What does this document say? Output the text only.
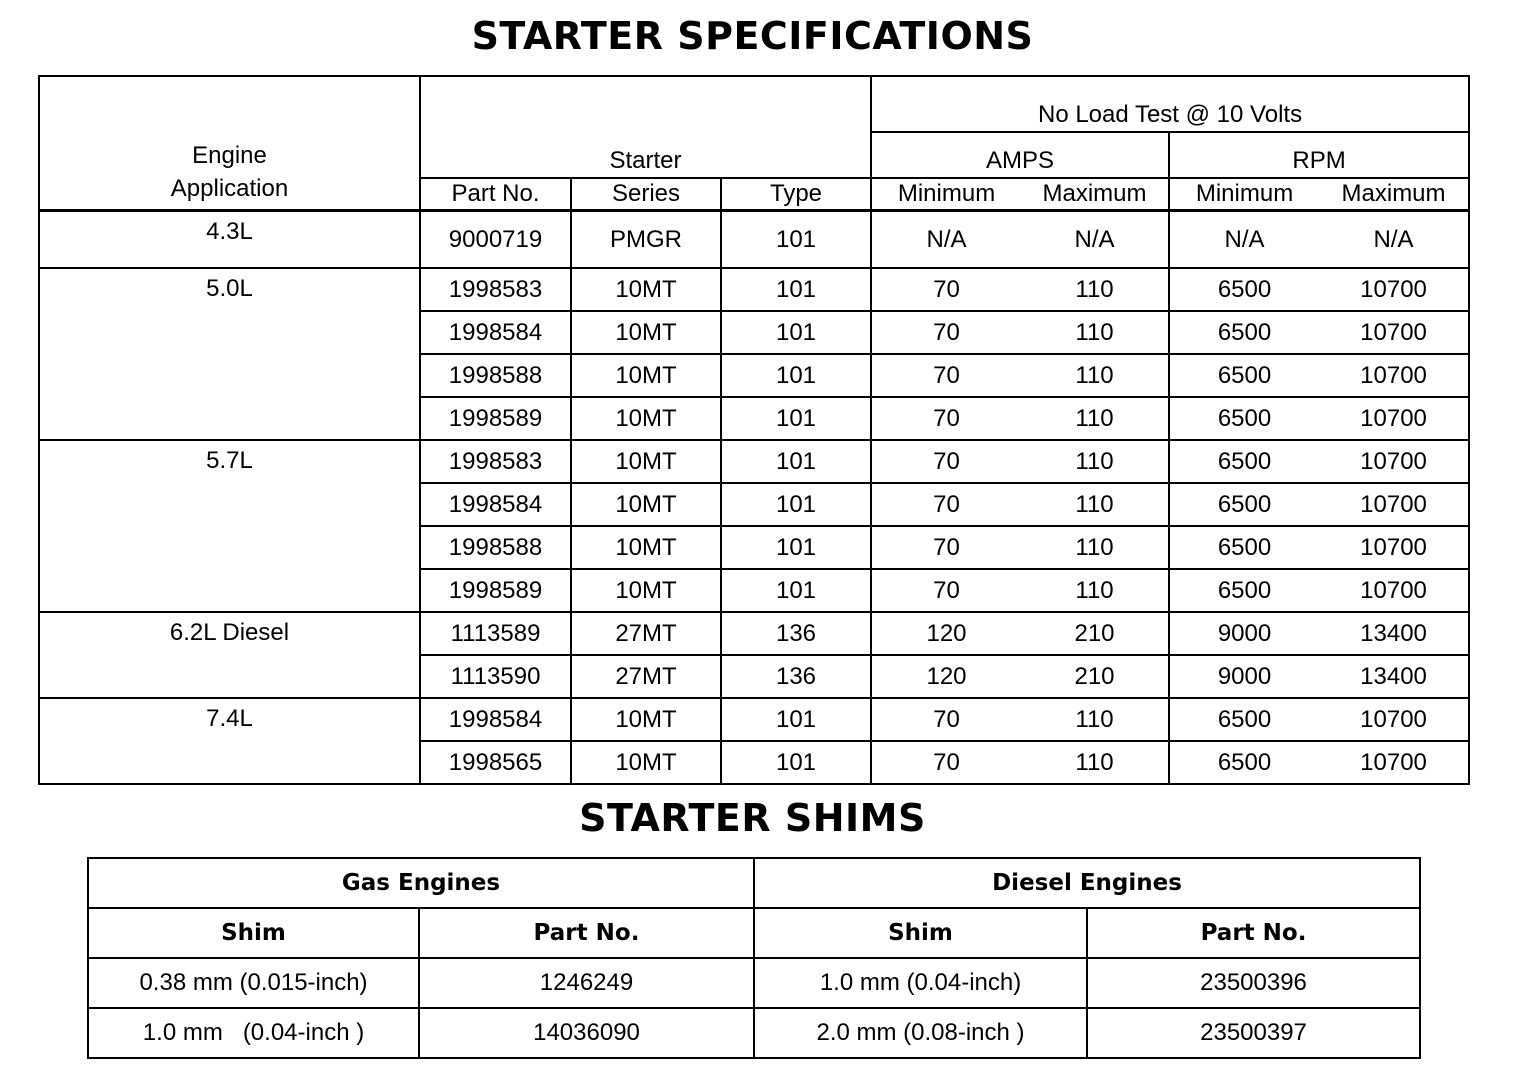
STARTER SPECIFICATIONS
Engine
Application	Starter			No Load Test @ 10 Volts			
				AMPS		RPM	
	Part No.	Series	Type	Minimum	Maximum	Minimum	Maximum
4.3L	9000719	PMGR	101	N/A	N/A	N/A	N/A
5.0L	1998583	10MT	101	70	110	6500	10700
	1998584	10MT	101	70	110	6500	10700
	1998588	10MT	101	70	110	6500	10700
	1998589	10MT	101	70	110	6500	10700
5.7L	1998583	10MT	101	70	110	6500	10700
	1998584	10MT	101	70	110	6500	10700
	1998588	10MT	101	70	110	6500	10700
	1998589	10MT	101	70	110	6500	10700
6.2L Diesel	1113589	27MT	136	120	210	9000	13400
	1113590	27MT	136	120	210	9000	13400
7.4L	1998584	10MT	101	70	110	6500	10700
	1998565	10MT	101	70	110	6500	10700
STARTER SHIMS
Gas Engines		Diesel Engines	
Shim	Part No.	Shim	Part No.
0.38 mm (0.015-inch)	1246249	1.0 mm (0.04-inch)	23500396
1.0 mm   (0.04-inch )	14036090	2.0 mm (0.08-inch )	23500397
